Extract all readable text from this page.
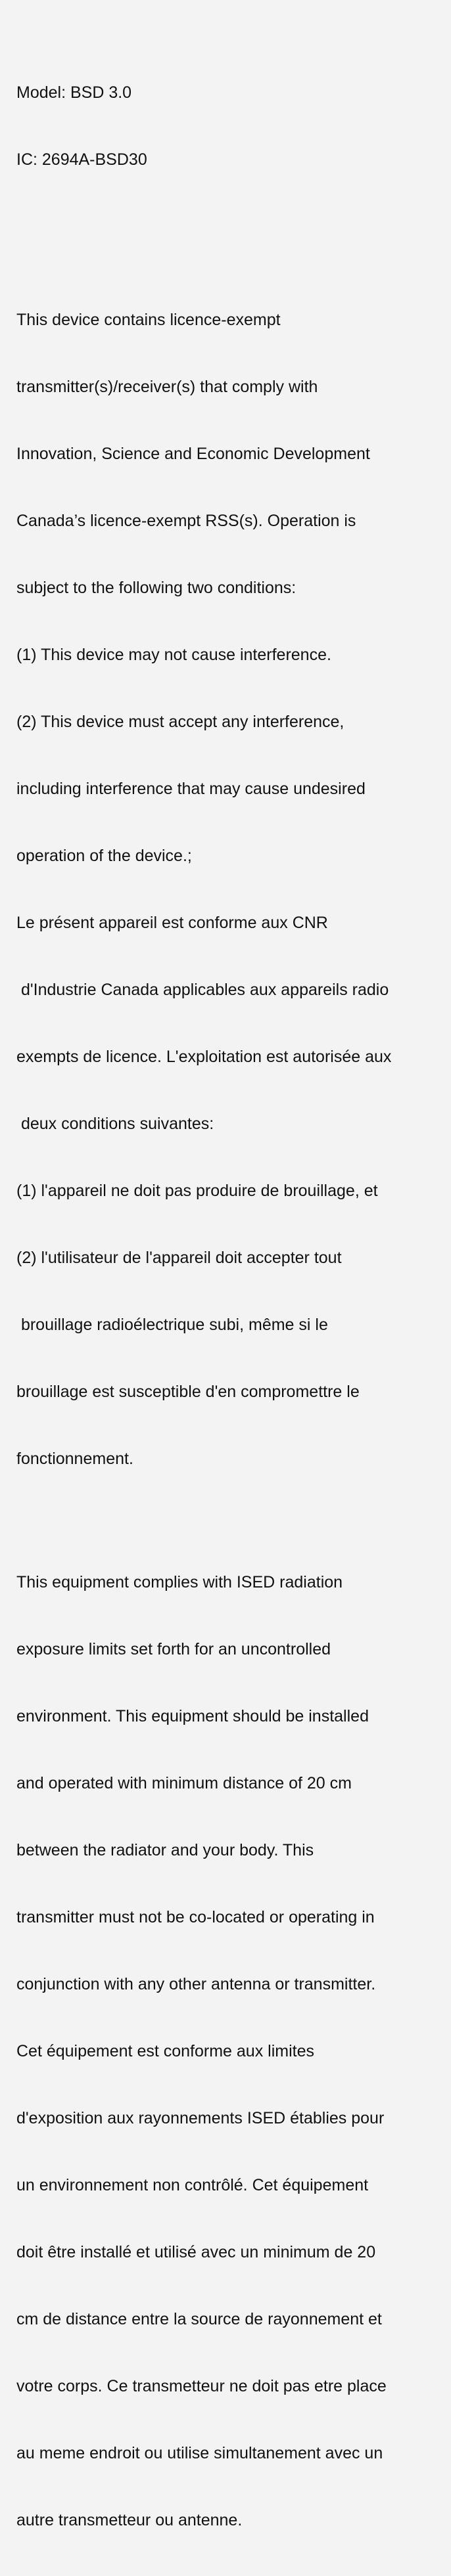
Model: BSD 3.0

IC: 2694A-BSD30

This device contains licence-exempt

transmitter(s)/receiver(s) that comply with

Innovation, Science and Economic Development

Canada’s licence-exempt RSS(s). Operation is

subject to the following two conditions:

(1) This device may not cause interference.

(2) This device must accept any interference,

including interference that may cause undesired

operation of the device.;

Le présent appareil est conforme aux CNR

d'Industrie Canada applicables aux appareils radio

exempts de licence. L'exploitation est autorisée aux

deux conditions suivantes:

(1) l'appareil ne doit pas produire de brouillage, et

(2) l'utilisateur de l'appareil doit accepter tout

brouillage radioélectrique subi, même si le

brouillage est susceptible d'en compromettre le

fonctionnement.

This equipment complies with ISED radiation

exposure limits set forth for an uncontrolled

environment. This equipment should be installed

and operated with minimum distance of 20 cm

between the radiator and your body. This

transmitter must not be co-located or operating in

conjunction with any other antenna or transmitter.

Cet équipement est conforme aux limites

d'exposition aux rayonnements ISED établies pour

un environnement non contrôlé. Cet équipement

doit être installé et utilisé avec un minimum de 20

cm de distance entre la source de rayonnement et

votre corps. Ce transmetteur ne doit pas etre place

au meme endroit ou utilise simultanement avec un

autre transmetteur ou antenne.
